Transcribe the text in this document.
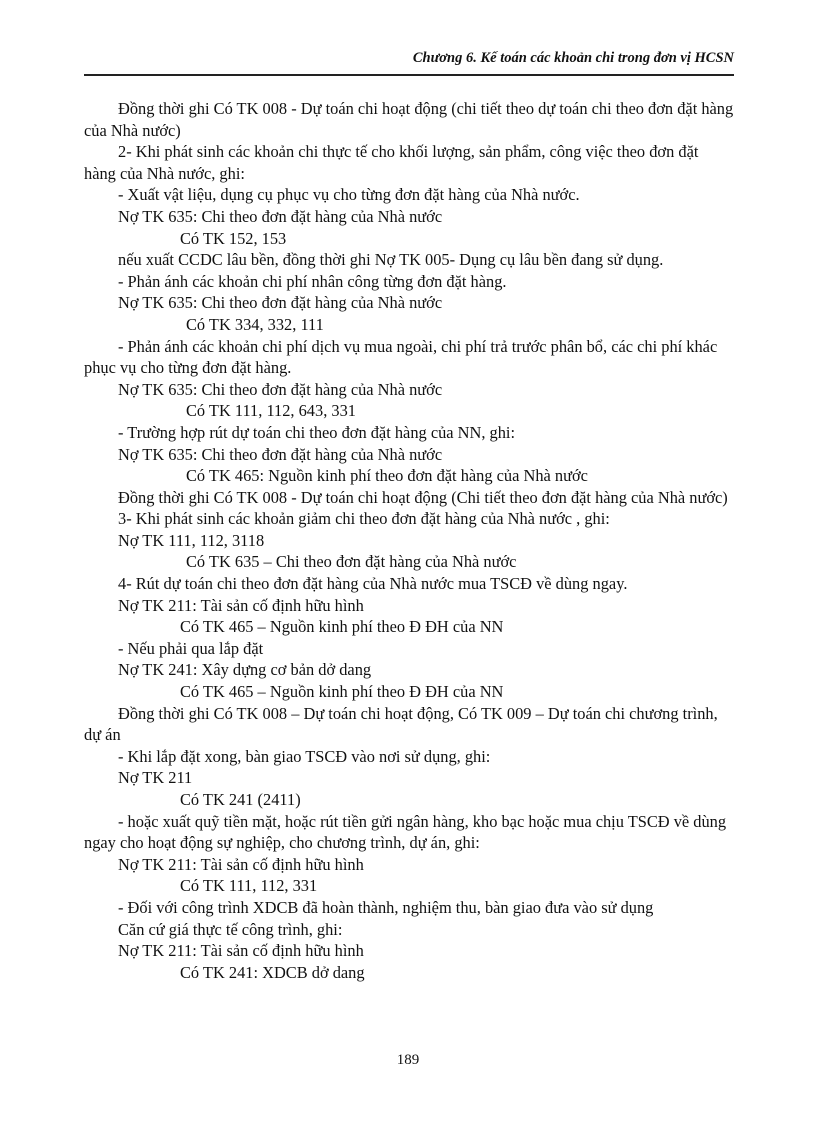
Chương 6. Kế toán các khoản chi trong đơn vị HCSN

Đồng thời ghi Có TK 008 - Dự toán chi hoạt động (chi tiết theo dự toán chi theo đơn đặt hàng của Nhà nước)

2- Khi phát sinh các khoản chi thực tế cho khối lượng, sản phẩm, công việc theo đơn đặt hàng của Nhà nước, ghi:

- Xuất vật liệu, dụng cụ phục vụ cho từng đơn đặt hàng của Nhà nước.

Nợ TK 635: Chi theo đơn đặt hàng của Nhà nước

Có TK 152, 153

nếu xuất CCDC lâu bền, đồng thời ghi Nợ TK 005- Dụng cụ lâu bền đang sử dụng.

- Phản ánh các khoản chi phí nhân công từng đơn đặt hàng.

Nợ TK 635: Chi theo đơn đặt hàng của Nhà nước

Có TK 334, 332, 111

- Phản ánh các khoản chi phí dịch vụ mua ngoài, chi phí trả trước phân bổ, các chi phí khác phục vụ cho từng đơn đặt hàng.

Nợ TK 635: Chi theo đơn đặt hàng của Nhà nước

Có TK 111, 112, 643, 331

- Trường hợp rút dự toán chi theo đơn đặt hàng của NN, ghi:

Nợ TK 635: Chi theo đơn đặt hàng của Nhà nước

Có TK 465: Nguồn kinh phí theo đơn đặt hàng của Nhà nước

Đồng thời ghi Có TK 008 - Dự toán chi hoạt động (Chi tiết theo đơn đặt hàng của Nhà nước)

3- Khi phát sinh các khoản giảm chi theo đơn đặt hàng của Nhà nước , ghi:

Nợ TK 111, 112, 3118

Có TK 635 – Chi theo đơn đặt hàng của Nhà nước

4- Rút dự toán chi theo đơn đặt hàng của Nhà nước mua TSCĐ về dùng ngay.

Nợ TK 211: Tài sản cố định hữu hình

Có TK 465 – Nguồn kinh phí theo Đ ĐH của NN

- Nếu phải qua lắp đặt

Nợ TK 241: Xây dựng cơ bản dở dang

Có TK 465 – Nguồn kinh phí theo Đ ĐH của NN

Đồng thời ghi Có TK 008 – Dự toán chi hoạt động, Có TK 009 – Dự toán chi chương trình, dự án

- Khi lắp đặt xong, bàn giao TSCĐ vào nơi sử dụng, ghi:

Nợ TK 211

Có TK 241 (2411)

- hoặc xuất quỹ tiền mặt, hoặc rút tiền gửi ngân hàng, kho bạc hoặc mua chịu TSCĐ về dùng ngay cho hoạt động sự nghiệp, cho chương trình, dự án, ghi:

Nợ TK 211: Tài sản cố định hữu hình

Có TK 111, 112, 331

- Đối với công trình XDCB đã hoàn thành, nghiệm thu, bàn giao đưa vào sử dụng

Căn cứ giá thực tế công trình, ghi:

Nợ TK 211: Tài sản cố định hữu hình

Có TK 241: XDCB dở dang

189
